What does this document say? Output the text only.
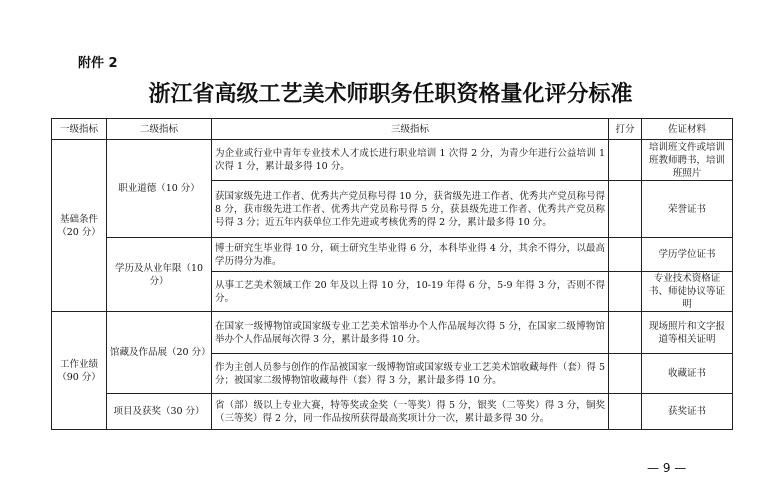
附件 2
浙江省高级工艺美术师职务任职资格量化评分标准
一级指标	二级指标	三级指标	打分	佐证材料
基础条件（20 分）	职业道德（10 分）	为企业或行业中青年专业技术人才成长进行职业培训 1 次得 2 分，为青少年进行公益培训 1 次得 1 分，累计最多得 10 分。		培训班文件或培训班教师聘书，培训班照片
		获国家级先进工作者、优秀共产党员称号得 10 分，获省级先进工作者、优秀共产党员称号得 8 分，获市级先进工作者、优秀共产党员称号得 5 分，获县级先进工作者、优秀共产党员称号得 3 分；近五年内获单位工作先进或考核优秀的得 2 分，累计最多得 10 分。		荣誉证书
	学历及从业年限（10 分）	博士研究生毕业得 10 分，硕士研究生毕业得 6 分，本科毕业得 4 分，其余不得分，以最高学历得分为准。		学历学位证书
		从事工艺美术领域工作 20 年及以上得 10 分，10-19 年得 6 分，5-9 年得 3 分，否则不得分。		专业技术资格证书、师徒协议等证明
工作业绩（90 分）	馆藏及作品展（20 分）	在国家一级博物馆或国家级专业工艺美术馆举办个人作品展每次得 5 分，在国家二级博物馆举办个人作品展每次得 3 分，累计最多得 10 分。		现场照片和文字报道等相关证明
		作为主创人员参与创作的作品被国家一级博物馆或国家级专业工艺美术馆收藏每件（套）得 5 分；被国家二级博物馆收藏每件（套）得 3 分，累计最多得 10 分。		收藏证书
	项目及获奖（30 分）	省（部）级以上专业大赛，特等奖或金奖（一等奖）得 5 分，银奖（二等奖）得 3 分，铜奖（三等奖）得 2 分，同一作品按所获得最高奖项计分一次，累计最多得 30 分。		获奖证书
— 9 —
